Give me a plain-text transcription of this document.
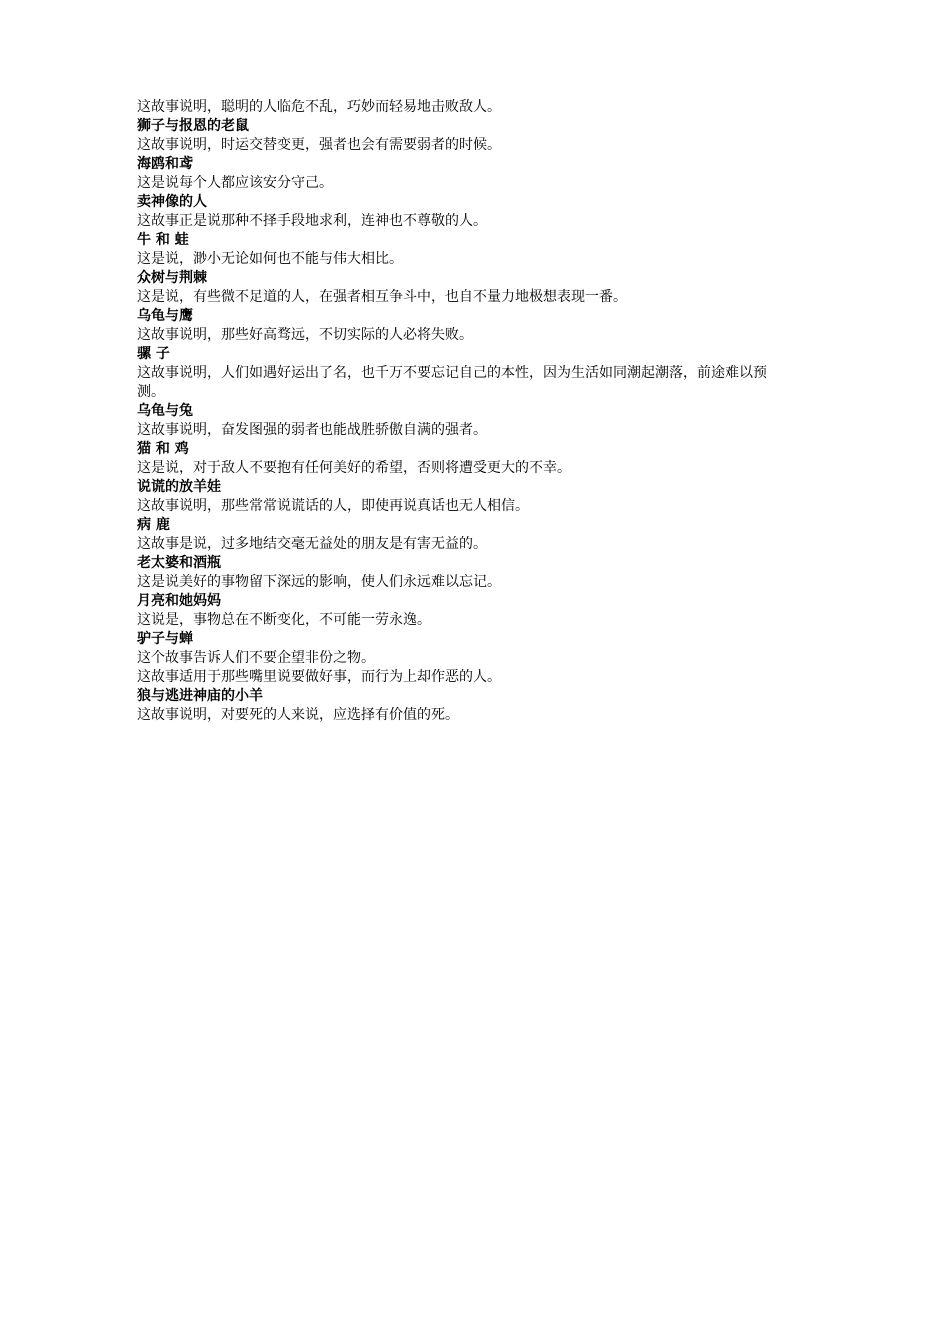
这故事说明，聪明的人临危不乱，巧妙而轻易地击败敌人。
狮子与报恩的老鼠
这故事说明，时运交替变更，强者也会有需要弱者的时候。
海鸥和鸢
这是说每个人都应该安分守己。
卖神像的人
这故事正是说那种不择手段地求利，连神也不尊敬的人。
牛 和 蛙
这是说，渺小无论如何也不能与伟大相比。
众树与荆棘
这是说，有些微不足道的人，在强者相互争斗中，也自不量力地极想表现一番。
乌龟与鹰
这故事说明，那些好高骛远，不切实际的人必将失败。
骡 子
这故事说明，人们如遇好运出了名，也千万不要忘记自己的本性，因为生活如同潮起潮落，前途难以预测。
乌龟与兔
这故事说明，奋发图强的弱者也能战胜骄傲自满的强者。
猫 和 鸡
这是说，对于敌人不要抱有任何美好的希望，否则将遭受更大的不幸。
说谎的放羊娃
这故事说明，那些常常说谎话的人，即使再说真话也无人相信。
病 鹿
这故事是说，过多地结交毫无益处的朋友是有害无益的。
老太婆和酒瓶
这是说美好的事物留下深远的影响，使人们永远难以忘记。
月亮和她妈妈
这说是，事物总在不断变化，不可能一劳永逸。
驴子与蝉
这个故事告诉人们不要企望非份之物。
这故事适用于那些嘴里说要做好事，而行为上却作恶的人。
狼与逃进神庙的小羊
这故事说明，对要死的人来说，应选择有价值的死。
